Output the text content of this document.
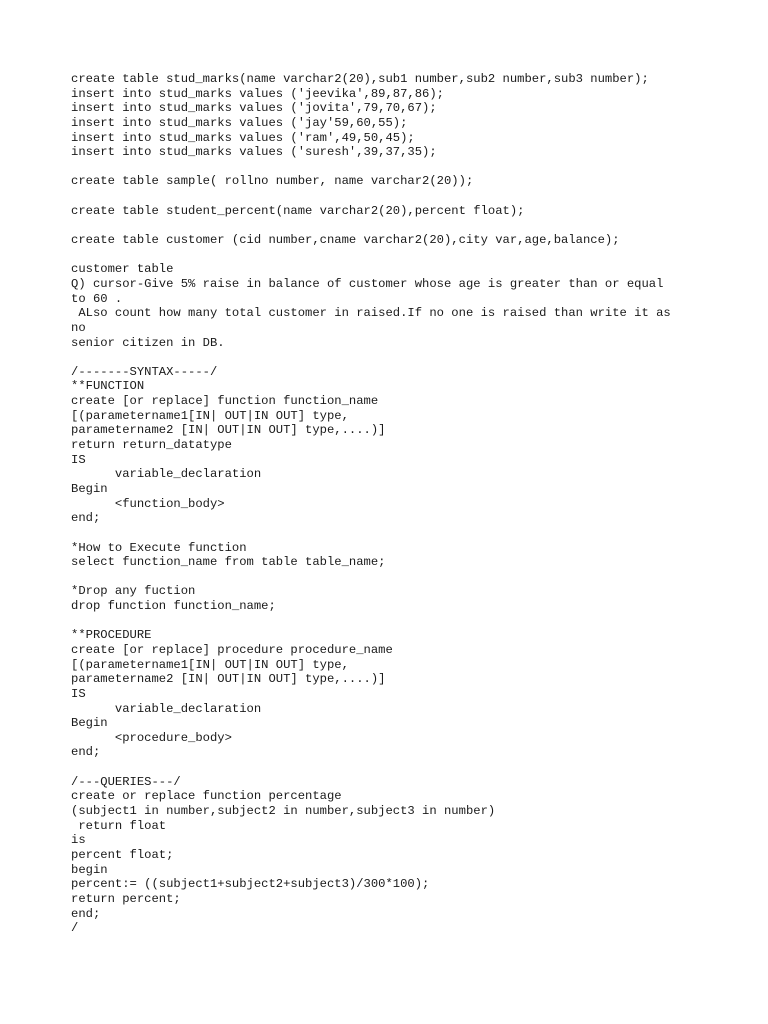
create table stud_marks(name varchar2(20),sub1 number,sub2 number,sub3 number);
insert into stud_marks values ('jeevika',89,87,86);
insert into stud_marks values ('jovita',79,70,67);
insert into stud_marks values ('jay'59,60,55);
insert into stud_marks values ('ram',49,50,45);
insert into stud_marks values ('suresh',39,37,35);
create table sample( rollno number, name varchar2(20));
create table student_percent(name varchar2(20),percent float);
create table customer (cid number,cname varchar2(20),city var,age,balance);
customer table
Q) cursor-Give 5% raise in balance of customer whose age is greater than or equal
to 60 .
ALso count how many total customer in raised.If no one is raised than write it as
no
senior citizen in DB.
/-------SYNTAX-----/
**FUNCTION
create [or replace] function function_name
[(parametername1[IN| OUT|IN OUT] type,
parametername2 [IN| OUT|IN OUT] type,....)]
return return_datatype
IS
variable_declaration
Begin
<function_body>
end;
*How to Execute function
select function_name from table table_name;
*Drop any fuction
drop function function_name;
**PROCEDURE
create [or replace] procedure procedure_name
[(parametername1[IN| OUT|IN OUT] type,
parametername2 [IN| OUT|IN OUT] type,....)]
IS
variable_declaration
Begin
<procedure_body>
end;
/---QUERIES---/
create or replace function percentage
(subject1 in number,subject2 in number,subject3 in number)
return float
is
percent float;
begin
percent:= ((subject1+subject2+subject3)/300*100);
return percent;
end;
/
